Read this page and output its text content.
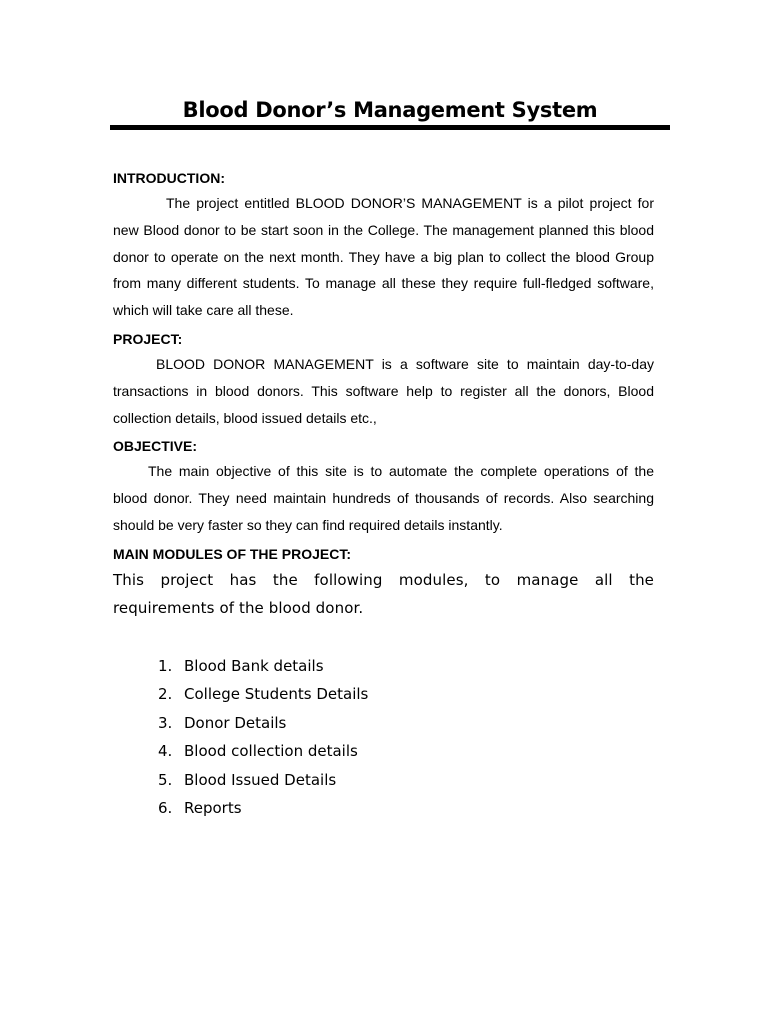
Blood Donor’s Management System

INTRODUCTION:

The project entitled BLOOD DONOR’S MANAGEMENT is a pilot project for new Blood donor to be start soon in the College. The management planned this blood donor to operate on the next month. They have a big plan to collect the blood Group from many different students. To manage all these they require full-fledged software, which will take care all these.

PROJECT:

BLOOD DONOR MANAGEMENT is a software site to maintain day-to-day transactions in blood donors. This software help to register all the donors, Blood collection details, blood issued details etc.,

OBJECTIVE:

The main objective of this site is to automate the complete operations of the blood donor. They need maintain hundreds of thousands of records. Also searching should be very faster so they can find required details instantly.

MAIN MODULES OF THE PROJECT:

This project has the following modules, to manage all the requirements of the blood donor.

1. Blood Bank details
2. College Students Details
3. Donor Details
4. Blood collection details
5. Blood Issued Details
6. Reports
